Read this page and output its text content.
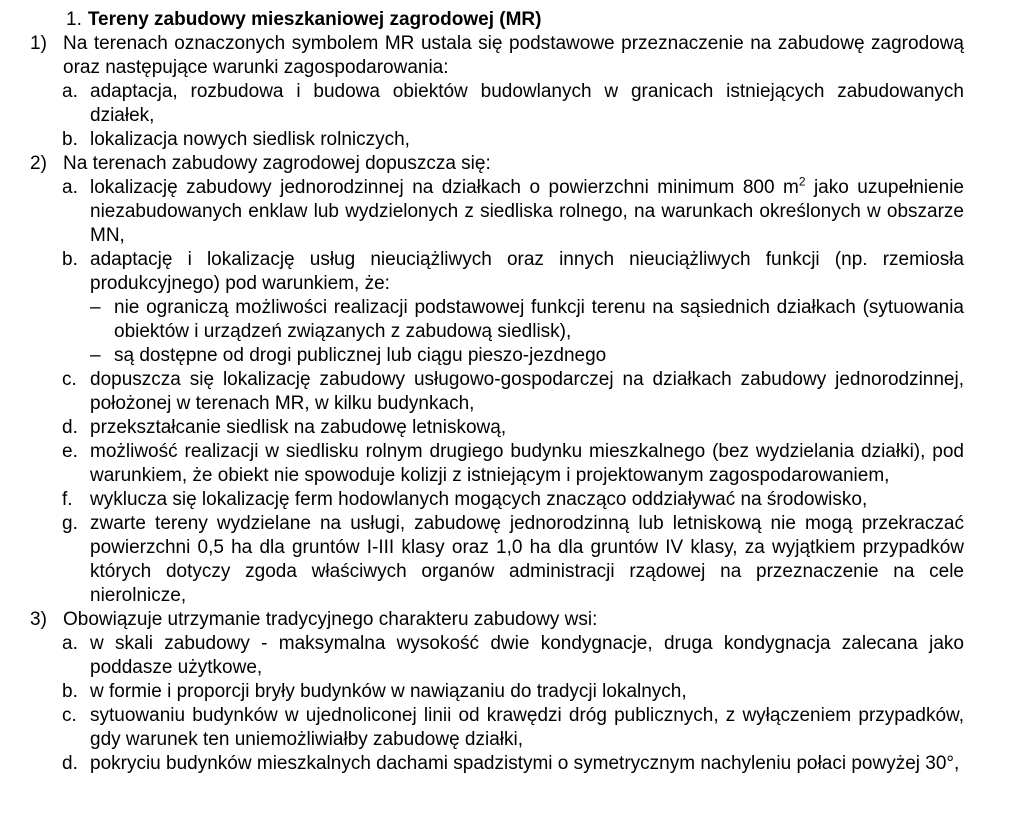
1. Tereny zabudowy mieszkaniowej zagrodowej (MR)
1) Na terenach oznaczonych symbolem MR ustala się podstawowe przeznaczenie na zabudowę zagrodową oraz następujące warunki zagospodarowania:
a. adaptacja, rozbudowa i budowa obiektów budowlanych w granicach istniejących zabudowanych działek,
b. lokalizacja nowych siedlisk rolniczych,
2) Na terenach zabudowy zagrodowej dopuszcza się:
a. lokalizację zabudowy jednorodzinnej na działkach o powierzchni minimum 800 $m^2$ jako uzupełnienie niezabudowanych enklaw lub wydzielonych z siedliska rolnego, na warunkach określonych w obszarze MN,
b. adaptację i lokalizację usług nieuciążliwych oraz innych nieuciążliwych funkcji (np. rzemiosła produkcyjnego) pod warunkiem, że:
– nie ograniczą możliwości realizacji podstawowej funkcji terenu na sąsiednich działkach (sytuowania obiektów i urządzeń związanych z zabudową siedlisk),
– są dostępne od drogi publicznej lub ciągu pieszo-jezdnego
c. dopuszcza się lokalizację zabudowy usługowo-gospodarczej na działkach zabudowy jednorodzinnej, położonej w terenach MR, w kilku budynkach,
d. przekształcanie siedlisk na zabudowę letniskową,
e. możliwość realizacji w siedlisku rolnym drugiego budynku mieszkalnego (bez wydzielania działki), pod warunkiem, że obiekt nie spowoduje kolizji z istniejącym i projektowanym zagospodarowaniem,
f. wyklucza się lokalizację ferm hodowlanych mogących znacząco oddziaływać na środowisko,
g. zwarte tereny wydzielane na usługi, zabudowę jednorodzinną lub letniskową nie mogą przekraczać powierzchni 0,5 ha dla gruntów I-III klasy oraz 1,0 ha dla gruntów IV klasy, za wyjątkiem przypadków których dotyczy zgoda właściwych organów administracji rządowej na przeznaczenie na cele nierolnicze,
3) Obowiązuje utrzymanie tradycyjnego charakteru zabudowy wsi:
a. w skali zabudowy - maksymalna wysokość dwie kondygnacje, druga kondygnacja zalecana jako poddasze użytkowe,
b. w formie i proporcji bryły budynków w nawiązaniu do tradycji lokalnych,
c. sytuowaniu budynków w ujednoliconej linii od krawędzi dróg publicznych, z wyłączeniem przypadków, gdy warunek ten uniemożliwiałby zabudowę działki,
d. pokryciu budynków mieszkalnych dachami spadzistymi o symetrycznym nachyleniu połaci powyżej 30°,
